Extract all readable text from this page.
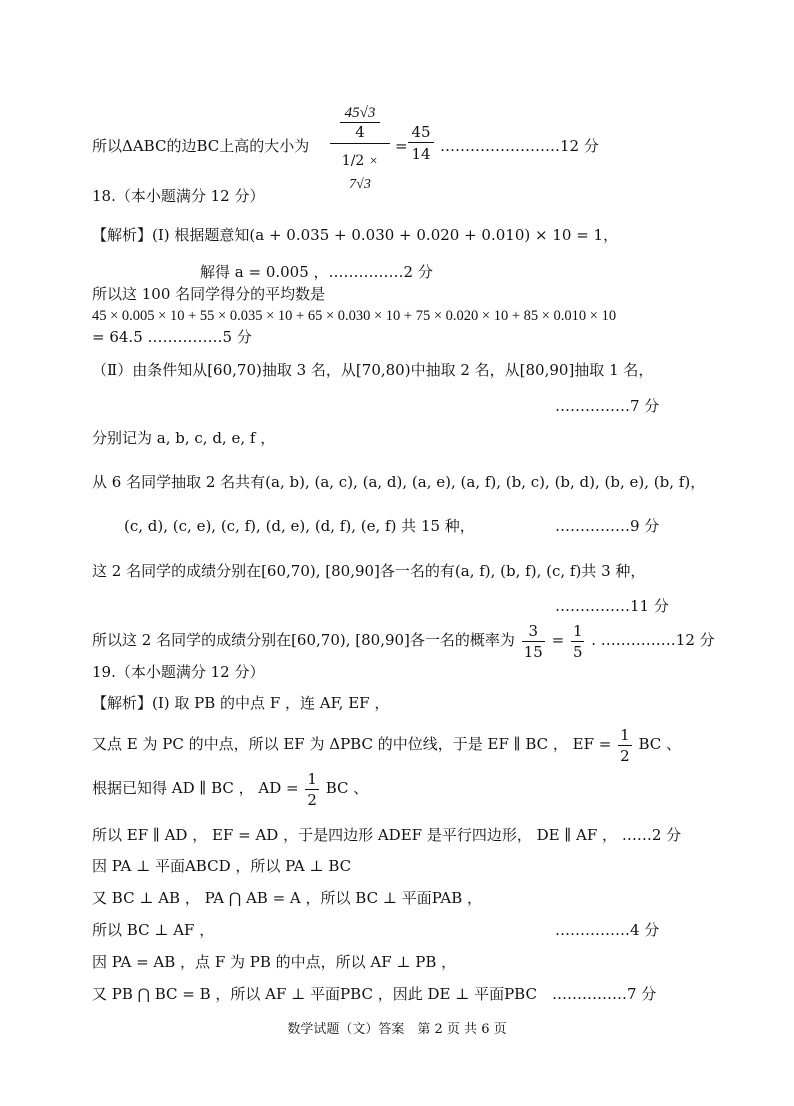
所以ΔABC的边BC上高的大小为 45√3
4
1/2 × 7√3 =
45
14 ……………………12 分
18.（本小题满分 12 分）
【解析】(Ⅰ) 根据题意知(a + 0.035 + 0.030 + 0.020 + 0.010) × 10 = 1，
解得 a = 0.005 ，……………2 分
所以这 100 名同学得分的平均数是
45 × 0.005 × 10 + 55 × 0.035 × 10 + 65 × 0.030 × 10 + 75 × 0.020 × 10 + 85 × 0.010 × 10
= 64.5 ……………5 分
（Ⅱ）由条件知从[60,70)抽取 3 名，从[70,80)中抽取 2 名，从[80,90]抽取 1 名，
……………7 分
分别记为 a, b, c, d, e, f ，
从 6 名同学抽取 2 名共有(a, b), (a, c), (a, d), (a, e), (a, f), (b, c), (b, d), (b, e), (b, f)，
(c, d), (c, e), (c, f), (d, e), (d, f), (e, f) 共 15 种，	……………9 分
这 2 名同学的成绩分别在[60,70), [80,90]各一名的有(a, f), (b, f), (c, f)共 3 种，
……………11 分
所以这 2 名同学的成绩分别在[60,70), [80,90]各一名的概率为 $\frac{3}{15} = \frac{1}{5}$ . ……………12 分
19.（本小题满分 12 分）
【解析】(Ⅰ) 取 PB 的中点 F ，连 AF, EF ，
又点 E 为 PC 的中点，所以 EF 为 ΔPBC 的中位线，于是 EF ∥ BC ， EF = $\frac{1}{2}$ BC 、
根据已知得 AD ∥ BC ， AD = $\frac{1}{2}$ BC 、
所以 EF ∥ AD ， EF = AD ，于是四边形 ADEF 是平行四边形， DE ∥ AF ， ……2 分
因 PA ⊥ 平面ABCD ，所以 PA ⊥ BC
又 BC ⊥ AB ， PA ⋂ AB = A ，所以 BC ⊥ 平面PAB ，
所以 BC ⊥ AF ，	……………4 分
因 PA = AB ，点 F 为 PB 的中点，所以 AF ⊥ PB ，
又 PB ⋂ BC = B ，所以 AF ⊥ 平面PBC ，因此 DE ⊥ 平面PBC ……………7 分
数学试题（文）答案　第 2 页 共 6 页
